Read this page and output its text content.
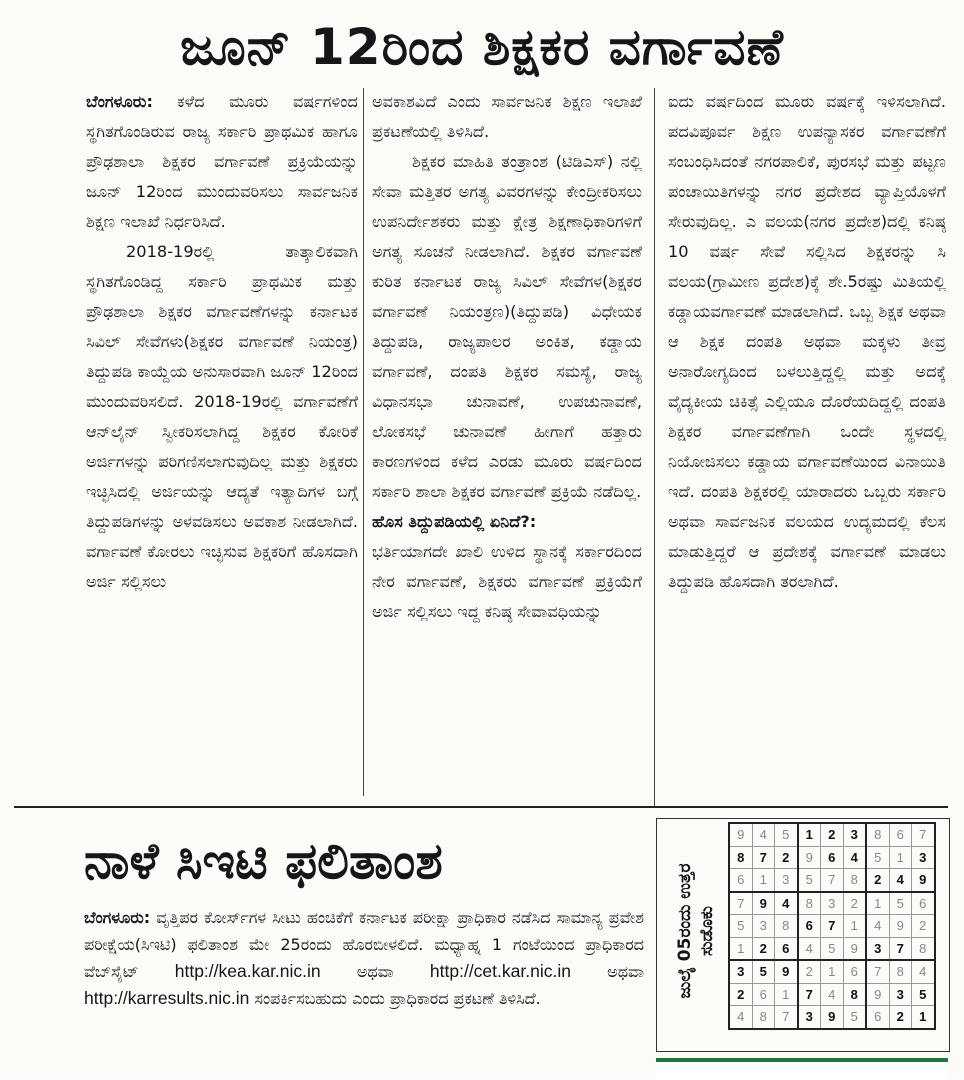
ಜೂನ್ 12ರಿಂದ ಶಿಕ್ಷಕರ ವರ್ಗಾವಣೆ

ಬೆಂಗಳೂರು: ಕಳೆದ ಮೂರು ವರ್ಷಗಳಿಂದ ಸ್ಥಗಿತಗೊಂಡಿರುವ ರಾಜ್ಯ ಸರ್ಕಾರಿ ಪ್ರಾಥಮಿಕ ಹಾಗೂ ಪ್ರೌಢಶಾಲಾ ಶಿಕ್ಷಕರ ವರ್ಗಾವಣೆ ಪ್ರಕ್ರಿಯೆಯನ್ನು ಜೂನ್ 12ರಿಂದ ಮುಂದುವರಿಸಲು ಸಾರ್ವಜನಿಕ ಶಿಕ್ಷಣ ಇಲಾಖೆ ನಿರ್ಧರಿಸಿದೆ.

2018-19ರಲ್ಲಿ ತಾತ್ಕಾಲಿಕವಾಗಿ ಸ್ಥಗಿತಗೊಂಡಿದ್ದ ಸರ್ಕಾರಿ ಪ್ರಾಥಮಿಕ ಮತ್ತು ಪ್ರೌಢಶಾಲಾ ಶಿಕ್ಷಕರ ವರ್ಗಾವಣೆಗಳನ್ನು ಕರ್ನಾಟಕ ಸಿವಿಲ್ ಸೇವೆಗಳು(ಶಿಕ್ಷಕರ ವರ್ಗಾವಣೆ ನಿಯಂತ್ರ) ತಿದ್ದುಪಡಿ ಕಾಯ್ದೆಯ ಅನುಸಾರವಾಗಿ ಜೂನ್ 12ರಿಂದ ಮುಂದುವರಿಸಲಿದೆ. 2018-19ರಲ್ಲಿ ವರ್ಗಾವಣೆಗೆ ಆನ್‌ಲೈನ್ ಸ್ವೀಕರಿಸಲಾಗಿದ್ದ ಶಿಕ್ಷಕರ ಕೋರಿಕೆ ಅರ್ಜಿಗಳನ್ನು ಪರಿಗಣಿಸಲಾಗುವುದಿಲ್ಲ ಮತ್ತು ಶಿಕ್ಷಕರು ಇಚ್ಛಿಸಿದಲ್ಲಿ ಅರ್ಜಿಯನ್ನು ಆದ್ಯತೆ ಇತ್ಯಾದಿಗಳ ಬಗ್ಗೆ ತಿದ್ದುಪಡಿಗಳನ್ನು ಅಳವಡಿಸಲು ಅವಕಾಶ ನೀಡಲಾಗಿದೆ. ವರ್ಗಾವಣೆ ಕೋರಲು ಇಚ್ಛಿಸುವ ಶಿಕ್ಷಕರಿಗೆ ಹೊಸದಾಗಿ ಅರ್ಜಿ ಸಲ್ಲಿಸಲು

ಅವಕಾಶವಿದೆ ಎಂದು ಸಾರ್ವಜನಿಕ ಶಿಕ್ಷಣ ಇಲಾಖೆ ಪ್ರಕಟಣೆಯಲ್ಲಿ ತಿಳಿಸಿದೆ.

ಶಿಕ್ಷಕರ ಮಾಹಿತಿ ತಂತ್ರಾಂಶ (ಟಿಡಿಎಸ್) ನಲ್ಲಿ ಸೇವಾ ಮತ್ತಿತರ ಅಗತ್ಯ ವಿವರಗಳನ್ನು ಕೇಂದ್ರೀಕರಿಸಲು ಉಪನಿರ್ದೇಶಕರು ಮತ್ತು ಕ್ಷೇತ್ರ ಶಿಕ್ಷಣಾಧಿಕಾರಿಗಳಿಗೆ ಅಗತ್ಯ ಸೂಚನೆ ನೀಡಲಾಗಿದೆ. ಶಿಕ್ಷಕರ ವರ್ಗಾವಣೆ ಕುರಿತ ಕರ್ನಾಟಕ ರಾಜ್ಯ ಸಿವಿಲ್ ಸೇವೆಗಳ(ಶಿಕ್ಷಕರ ವರ್ಗಾವಣೆ ನಿಯಂತ್ರಣ)(ತಿದ್ದುಪಡಿ) ವಿಧೇಯಕ ತಿದ್ದುಪಡಿ, ರಾಜ್ಯಪಾಲರ ಅಂಕಿತ, ಕಡ್ಡಾಯ ವರ್ಗಾವಣೆ, ದಂಪತಿ ಶಿಕ್ಷಕರ ಸಮಸ್ಯೆ, ರಾಜ್ಯ ವಿಧಾನಸಭಾ ಚುನಾವಣೆ, ಉಪಚುನಾವಣೆ, ಲೋಕಸಭೆ ಚುನಾವಣೆ ಹೀಗಾಗೆ ಹತ್ತಾರು ಕಾರಣಗಳಿಂದ ಕಳೆದ ಎರಡು ಮೂರು ವರ್ಷದಿಂದ ಸರ್ಕಾರಿ ಶಾಲಾ ಶಿಕ್ಷಕರ ವರ್ಗಾವಣೆ ಪ್ರಕ್ರಿಯೆ ನಡೆದಿಲ್ಲ.

ಹೊಸ ತಿದ್ದುಪಡಿಯಲ್ಲಿ ಏನಿದೆ?:

ಭರ್ತಿಯಾಗದೇ ಖಾಲಿ ಉಳಿದ ಸ್ಥಾನಕ್ಕೆ ಸರ್ಕಾರದಿಂದ ನೇರ ವರ್ಗಾವಣೆ, ಶಿಕ್ಷಕರು ವರ್ಗಾವಣೆ ಪ್ರಕ್ರಿಯೆಗೆ ಅರ್ಜಿ ಸಲ್ಲಿಸಲು ಇದ್ದ ಕನಿಷ್ಠ ಸೇವಾವಧಿಯನ್ನು

ಐದು ವರ್ಷದಿಂದ ಮೂರು ವರ್ಷಕ್ಕೆ ಇಳಿಸಲಾಗಿದೆ. ಪದವಿಪೂರ್ವ ಶಿಕ್ಷಣ ಉಪನ್ಯಾಸಕರ ವರ್ಗಾವಣೆಗೆ ಸಂಬಂಧಿಸಿದಂತೆ ನಗರಪಾಲಿಕೆ, ಪುರಸಭೆ ಮತ್ತು ಪಟ್ಟಣ ಪಂಚಾಯಿತಿಗಳನ್ನು ನಗರ ಪ್ರದೇಶದ ವ್ಯಾಪ್ತಿಯೊಳಗೆ ಸೇರುವುದಿಲ್ಲ. ಎ ವಲಯ(ನಗರ ಪ್ರದೇಶ)ದಲ್ಲಿ ಕನಿಷ್ಠ 10 ವರ್ಷ ಸೇವೆ ಸಲ್ಲಿಸಿದ ಶಿಕ್ಷಕರನ್ನು ಸಿ ವಲಯ(ಗ್ರಾಮೀಣ ಪ್ರದೇಶ)ಕ್ಕೆ ಶೇ.5ರಷ್ಟು ಮಿತಿಯಲ್ಲಿ ಕಡ್ಡಾಯವರ್ಗಾವಣೆ ಮಾಡಲಾಗಿದೆ. ಒಬ್ಬ ಶಿಕ್ಷಕ ಅಥವಾ ಆ ಶಿಕ್ಷಕ ದಂಪತಿ ಅಥವಾ ಮಕ್ಕಳು ತೀವ್ರ ಅನಾರೋಗ್ಯದಿಂದ ಬಳಲುತ್ತಿದ್ದಲ್ಲಿ ಮತ್ತು ಅದಕ್ಕೆ ವೈದ್ಯಕೀಯ ಚಿಕಿತ್ಸೆ ಎಲ್ಲಿಯೂ ದೊರೆಯದಿದ್ದಲ್ಲಿ ದಂಪತಿ ಶಿಕ್ಷಕರ ವರ್ಗಾವಣೆಗಾಗಿ ಒಂದೇ ಸ್ಥಳದಲ್ಲಿ ನಿಯೋಜಿಸಲು ಕಡ್ಡಾಯ ವರ್ಗಾವಣೆಯಿಂದ ವಿನಾಯಿತಿ ಇದೆ. ದಂಪತಿ ಶಿಕ್ಷಕರಲ್ಲಿ ಯಾರಾದರು ಒಬ್ಬರು ಸರ್ಕಾರಿ ಅಥವಾ ಸಾರ್ವಜನಿಕ ವಲಯದ ಉದ್ಯಮದಲ್ಲಿ ಕೆಲಸ ಮಾಡುತ್ತಿದ್ದರೆ ಆ ಪ್ರದೇಶಕ್ಕೆ ವರ್ಗಾವಣೆ ಮಾಡಲು ತಿದ್ದುಪಡಿ ಹೊಸದಾಗಿ ತರಲಾಗಿದೆ.

ನಾಳೆ ಸಿಇಟಿ ಫಲಿತಾಂಶ
ಬೆಂಗಳೂರು: ವೃತ್ತಿಪರ ಕೋರ್ಸ್‌ಗಳ ಸೀಟು ಹಂಚಿಕೆಗೆ ಕರ್ನಾಟಕ ಪರೀಕ್ಷಾ ಪ್ರಾಧಿಕಾರ ನಡೆಸಿದ ಸಾಮಾನ್ಯ ಪ್ರವೇಶ ಪರೀಕ್ಷೆಯ(ಸಿಇಟಿ) ಫಲಿತಾಂಶ ಮೇ 25ರಂದು ಹೊರಬೀಳಲಿದೆ. ಮಧ್ಯಾಹ್ನ 1 ಗಂಟೆಯಿಂದ ಪ್ರಾಧಿಕಾರದ ವೆಬ್‌ಸೈಟ್ http://kea.kar.nic.in ಅಥವಾ http://cet.kar.nic.in ಅಥವಾ http://karresults.nic.in ಸಂಪರ್ಕಿಸಬಹುದು ಎಂದು ಪ್ರಾಧಿಕಾರದ ಪ್ರಕಟಣೆ ತಿಳಿಸಿದೆ.	ಜುಲೈ 05ರಂದು ಉತ್ತರ ಸುಡೊಕು
9	4	5	1	2	3	8	6	7
8	7	2	9	6	4	5	1	3
6	1	3	5	7	8	2	4	9
7	9	4	8	3	2	1	5	6
5	3	8	6	7	1	4	9	2
1	2	6	4	5	9	3	7	8
3	5	9	2	1	6	7	8	4
2	6	1	7	4	8	9	3	5
4	8	7	3	9	5	6	2	1
